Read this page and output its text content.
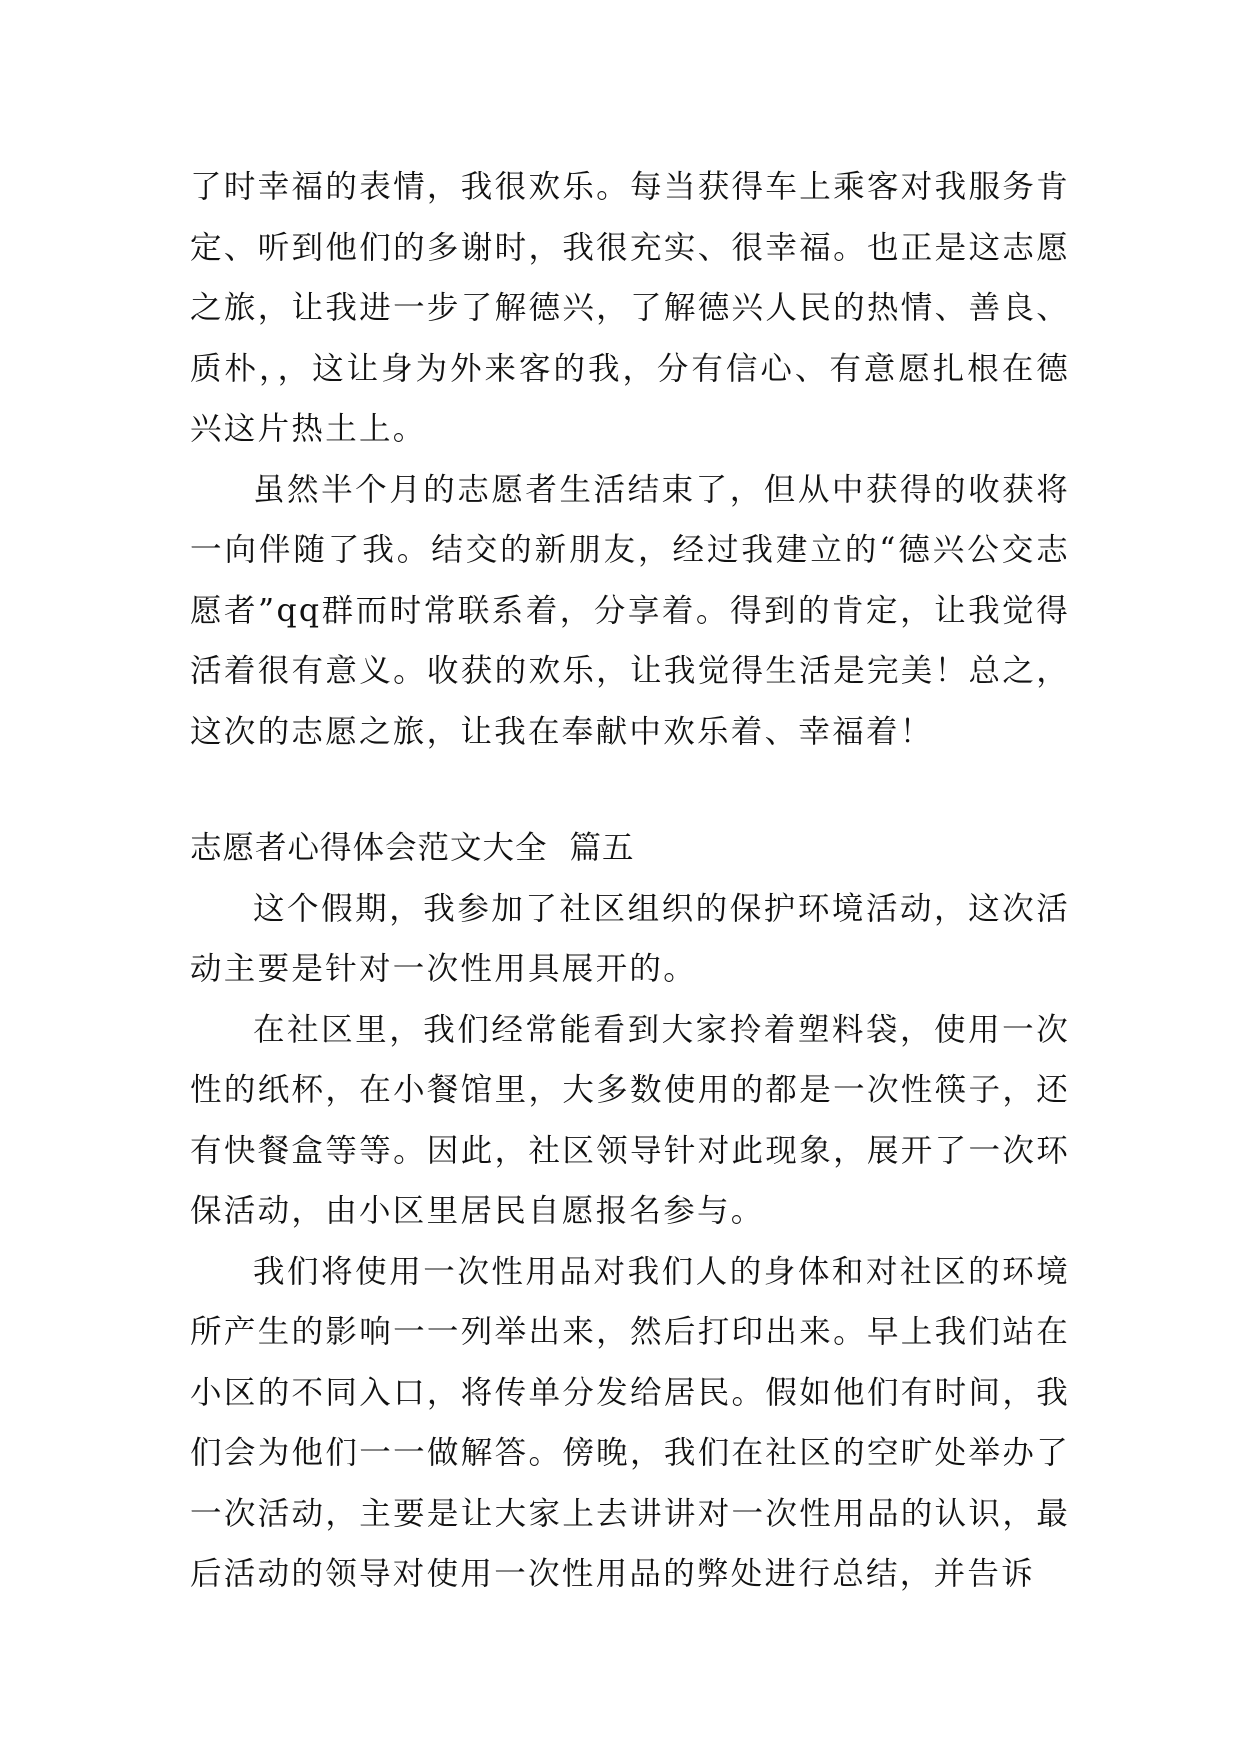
了时幸福的表情，我很欢乐。每当获得车上乘客对我服务肯定、听到他们的多谢时，我很充实、很幸福。也正是这志愿之旅，让我进一步了解德兴，了解德兴人民的热情、善良、质朴，，这让身为外来客的我，分有信心、有意愿扎根在德兴这片热土上。

虽然半个月的志愿者生活结束了，但从中获得的收获将一向伴随了我。结交的新朋友，经过我建立的“德兴公交志愿者”qq群而时常联系着，分享着。得到的肯定，让我觉得活着很有意义。收获的欢乐，让我觉得生活是完美！总之，这次的志愿之旅，让我在奉献中欢乐着、幸福着！

志愿者心得体会范文大全  篇五

这个假期，我参加了社区组织的保护环境活动，这次活动主要是针对一次性用具展开的。

在社区里，我们经常能看到大家拎着塑料袋，使用一次性的纸杯，在小餐馆里，大多数使用的都是一次性筷子，还有快餐盒等等。因此，社区领导针对此现象，展开了一次环保活动，由小区里居民自愿报名参与。

我们将使用一次性用品对我们人的身体和对社区的环境所产生的影响一一列举出来，然后打印出来。早上我们站在小区的不同入口，将传单分发给居民。假如他们有时间，我们会为他们一一做解答。傍晚，我们在社区的空旷处举办了一次活动，主要是让大家上去讲讲对一次性用品的认识，最后活动的领导对使用一次性用品的弊处进行总结，并告诉
